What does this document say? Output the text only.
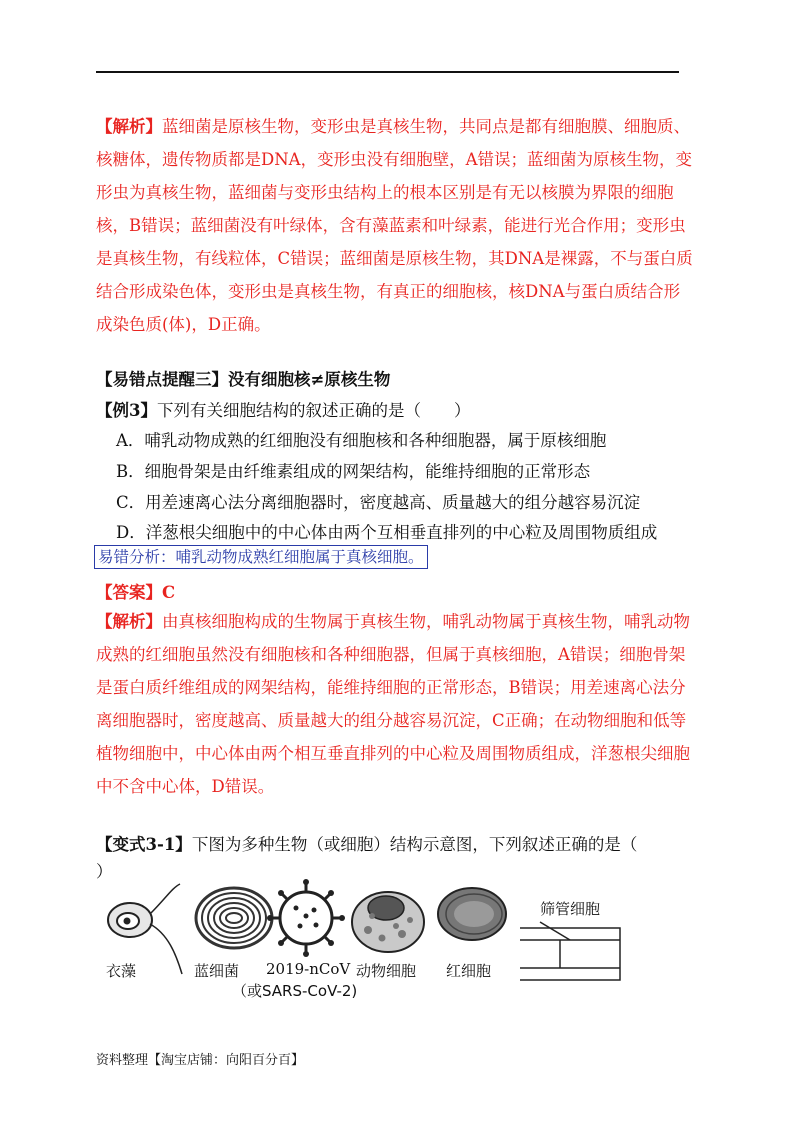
【解析】蓝细菌是原核生物，变形虫是真核生物，共同点是都有细胞膜、细胞质、核糖体，遗传物质都是DNA，变形虫没有细胞壁，A错误；蓝细菌为原核生物，变形虫为真核生物，蓝细菌与变形虫结构上的根本区别是有无以核膜为界限的细胞核，B错误；蓝细菌没有叶绿体，含有藻蓝素和叶绿素，能进行光合作用；变形虫是真核生物，有线粒体，C错误；蓝细菌是原核生物，其DNA是裸露，不与蛋白质结合形成染色体，变形虫是真核生物，有真正的细胞核，核DNA与蛋白质结合形成染色质(体)，D正确。
【易错点提醒三】没有细胞核≠原核生物
【例3】下列有关细胞结构的叙述正确的是（　　）
A．哺乳动物成熟的红细胞没有细胞核和各种细胞器，属于原核细胞
B．细胞骨架是由纤维素组成的网架结构，能维持细胞的正常形态
C．用差速离心法分离细胞器时，密度越高、质量越大的组分越容易沉淀
D．洋葱根尖细胞中的中心体由两个互相垂直排列的中心粒及周围物质组成
易错分析：哺乳动物成熟红细胞属于真核细胞。
【答案】C
【解析】由真核细胞构成的生物属于真核生物，哺乳动物属于真核生物，哺乳动物成熟的红细胞虽然没有细胞核和各种细胞器，但属于真核细胞，A错误；细胞骨架是蛋白质纤维组成的网架结构，能维持细胞的正常形态，B错误；用差速离心法分离细胞器时，密度越高、质量越大的组分越容易沉淀，C正确；在动物细胞和低等植物细胞中，中心体由两个相互垂直排列的中心粒及周围物质组成，洋葱根尖细胞中不含中心体，D错误。
【变式3-1】下图为多种生物（或细胞）结构示意图，下列叙述正确的是（
）
衣藻	蓝细菌 2019-nCoV
（或SARS-CoV-2)
动物细胞 红细胞
筛管细胞
资料整理【淘宝店铺：向阳百分百】
